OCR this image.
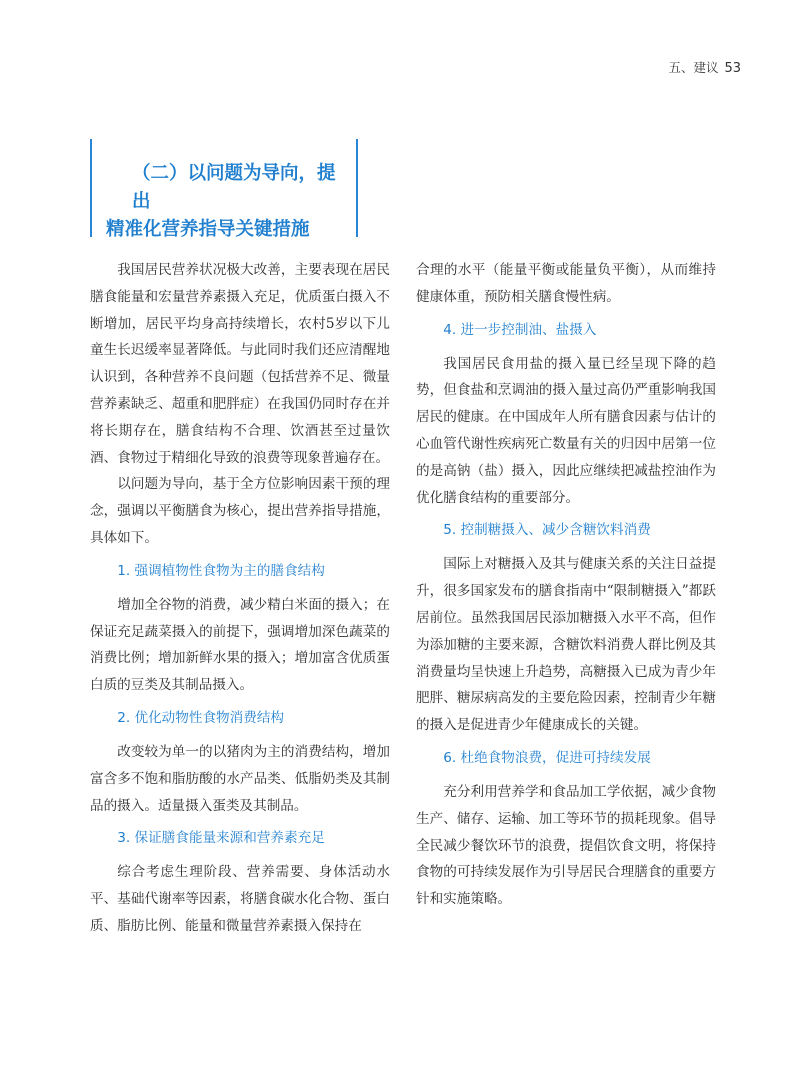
五、建议 53
（二）以问题为导向，提出
精准化营养指导关键措施

我国居民营养状况极大改善，主要表现在居民膳食能量和宏量营养素摄入充足，优质蛋白摄入不断增加，居民平均身高持续增长，农村5岁以下儿童生长迟缓率显著降低。与此同时我们还应清醒地认识到，各种营养不良问题（包括营养不足、微量营养素缺乏、超重和肥胖症）在我国仍同时存在并将长期存在，膳食结构不合理、饮酒甚至过量饮酒、食物过于精细化导致的浪费等现象普遍存在。

以问题为导向，基于全方位影响因素干预的理念，强调以平衡膳食为核心，提出营养指导措施，具体如下。

1. 强调植物性食物为主的膳食结构

增加全谷物的消费，减少精白米面的摄入；在保证充足蔬菜摄入的前提下，强调增加深色蔬菜的消费比例；增加新鲜水果的摄入；增加富含优质蛋白质的豆类及其制品摄入。

2. 优化动物性食物消费结构

改变较为单一的以猪肉为主的消费结构，增加富含多不饱和脂肪酸的水产品类、低脂奶类及其制品的摄入。适量摄入蛋类及其制品。

3. 保证膳食能量来源和营养素充足

综合考虑生理阶段、营养需要、身体活动水平、基础代谢率等因素，将膳食碳水化合物、蛋白质、脂肪比例、能量和微量营养素摄入保持在

合理的水平（能量平衡或能量负平衡），从而维持健康体重，预防相关膳食慢性病。

4. 进一步控制油、盐摄入

我国居民食用盐的摄入量已经呈现下降的趋势，但食盐和烹调油的摄入量过高仍严重影响我国居民的健康。在中国成年人所有膳食因素与估计的心血管代谢性疾病死亡数量有关的归因中居第一位的是高钠（盐）摄入，因此应继续把减盐控油作为优化膳食结构的重要部分。

5. 控制糖摄入、减少含糖饮料消费

国际上对糖摄入及其与健康关系的关注日益提升，很多国家发布的膳食指南中“限制糖摄入”都跃居前位。虽然我国居民添加糖摄入水平不高，但作为添加糖的主要来源，含糖饮料消费人群比例及其消费量均呈快速上升趋势，高糖摄入已成为青少年肥胖、糖尿病高发的主要危险因素，控制青少年糖的摄入是促进青少年健康成长的关键。

6. 杜绝食物浪费，促进可持续发展

充分利用营养学和食品加工学依据，减少食物生产、储存、运输、加工等环节的损耗现象。倡导全民减少餐饮环节的浪费，提倡饮食文明，将保持食物的可持续发展作为引导居民合理膳食的重要方针和实施策略。
